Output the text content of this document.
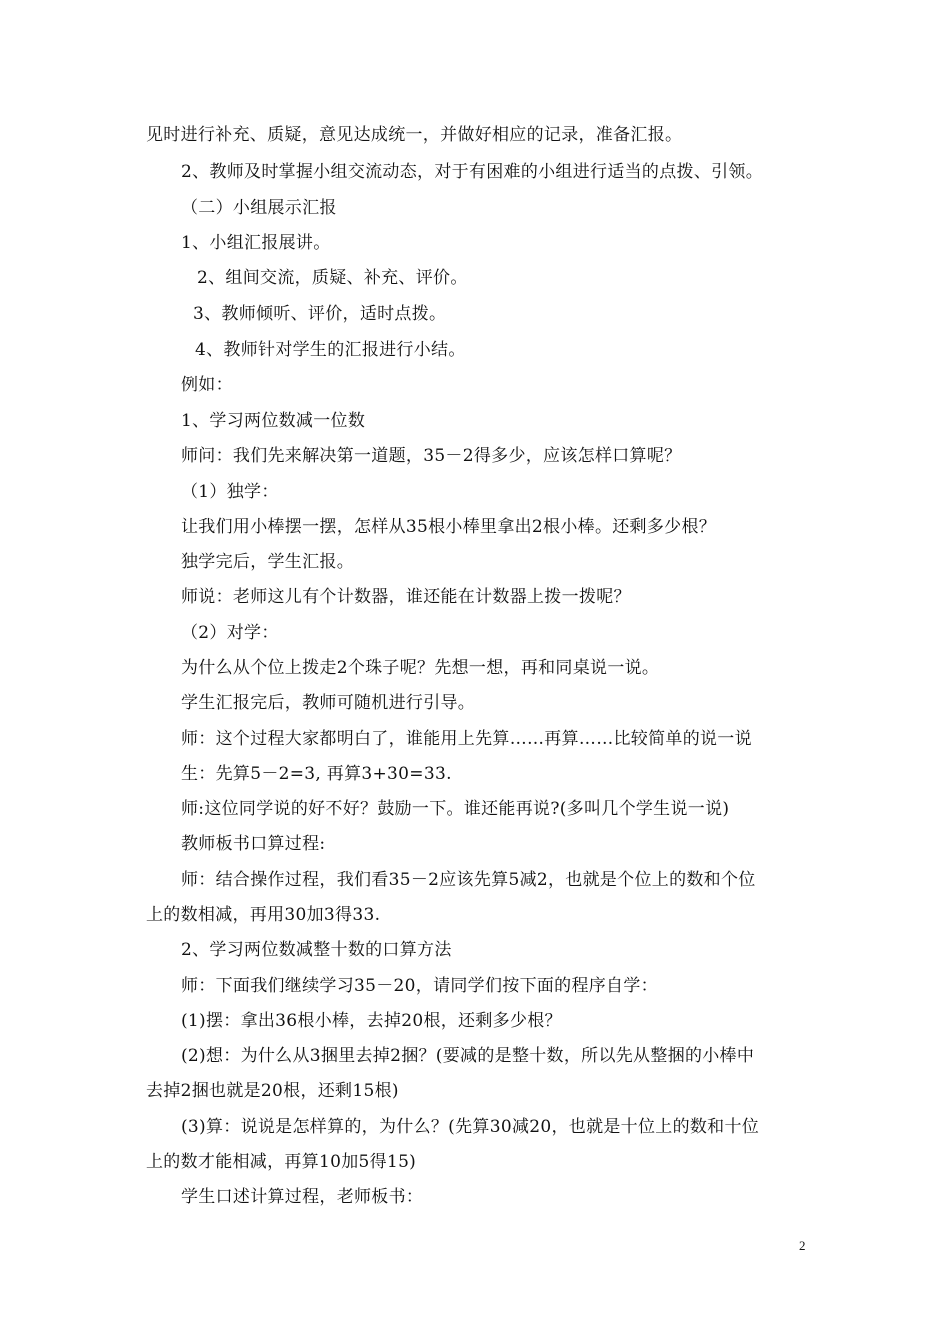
见时进行补充、质疑，意见达成统一，并做好相应的记录，准备汇报。
2、教师及时掌握小组交流动态，对于有困难的小组进行适当的点拨、引领。
（二）小组展示汇报
1、小组汇报展讲。
2、组间交流，质疑、补充、评价。
3、教师倾听、评价，适时点拨。
4、教师针对学生的汇报进行小结。
例如：
1、学习两位数减一位数
师问：我们先来解决第一道题，35－2得多少，应该怎样口算呢？
（1）独学：
让我们用小棒摆一摆，怎样从35根小棒里拿出2根小棒。还剩多少根？
独学完后，学生汇报。
师说：老师这儿有个计数器，谁还能在计数器上拨一拨呢？
（2）对学：
为什么从个位上拨走2个珠子呢？先想一想，再和同桌说一说。
学生汇报完后，教师可随机进行引导。
师：这个过程大家都明白了，谁能用上先算……再算……比较简单的说一说
生：先算5－2=3, 再算3+30=33.
师:这位同学说的好不好？鼓励一下。谁还能再说?(多叫几个学生说一说)
教师板书口算过程:
师：结合操作过程，我们看35－2应该先算5减2，也就是个位上的数和个位
上的数相减，再用30加3得33.
2、学习两位数减整十数的口算方法
师：下面我们继续学习35－20，请同学们按下面的程序自学：
(1)摆：拿出36根小棒，去掉20根，还剩多少根？
(2)想：为什么从3捆里去掉2捆？(要减的是整十数，所以先从整捆的小棒中
去掉2捆也就是20根，还剩15根)
(3)算：说说是怎样算的，为什么？(先算30减20，也就是十位上的数和十位
上的数才能相减，再算10加5得15)
学生口述计算过程，老师板书：
2
